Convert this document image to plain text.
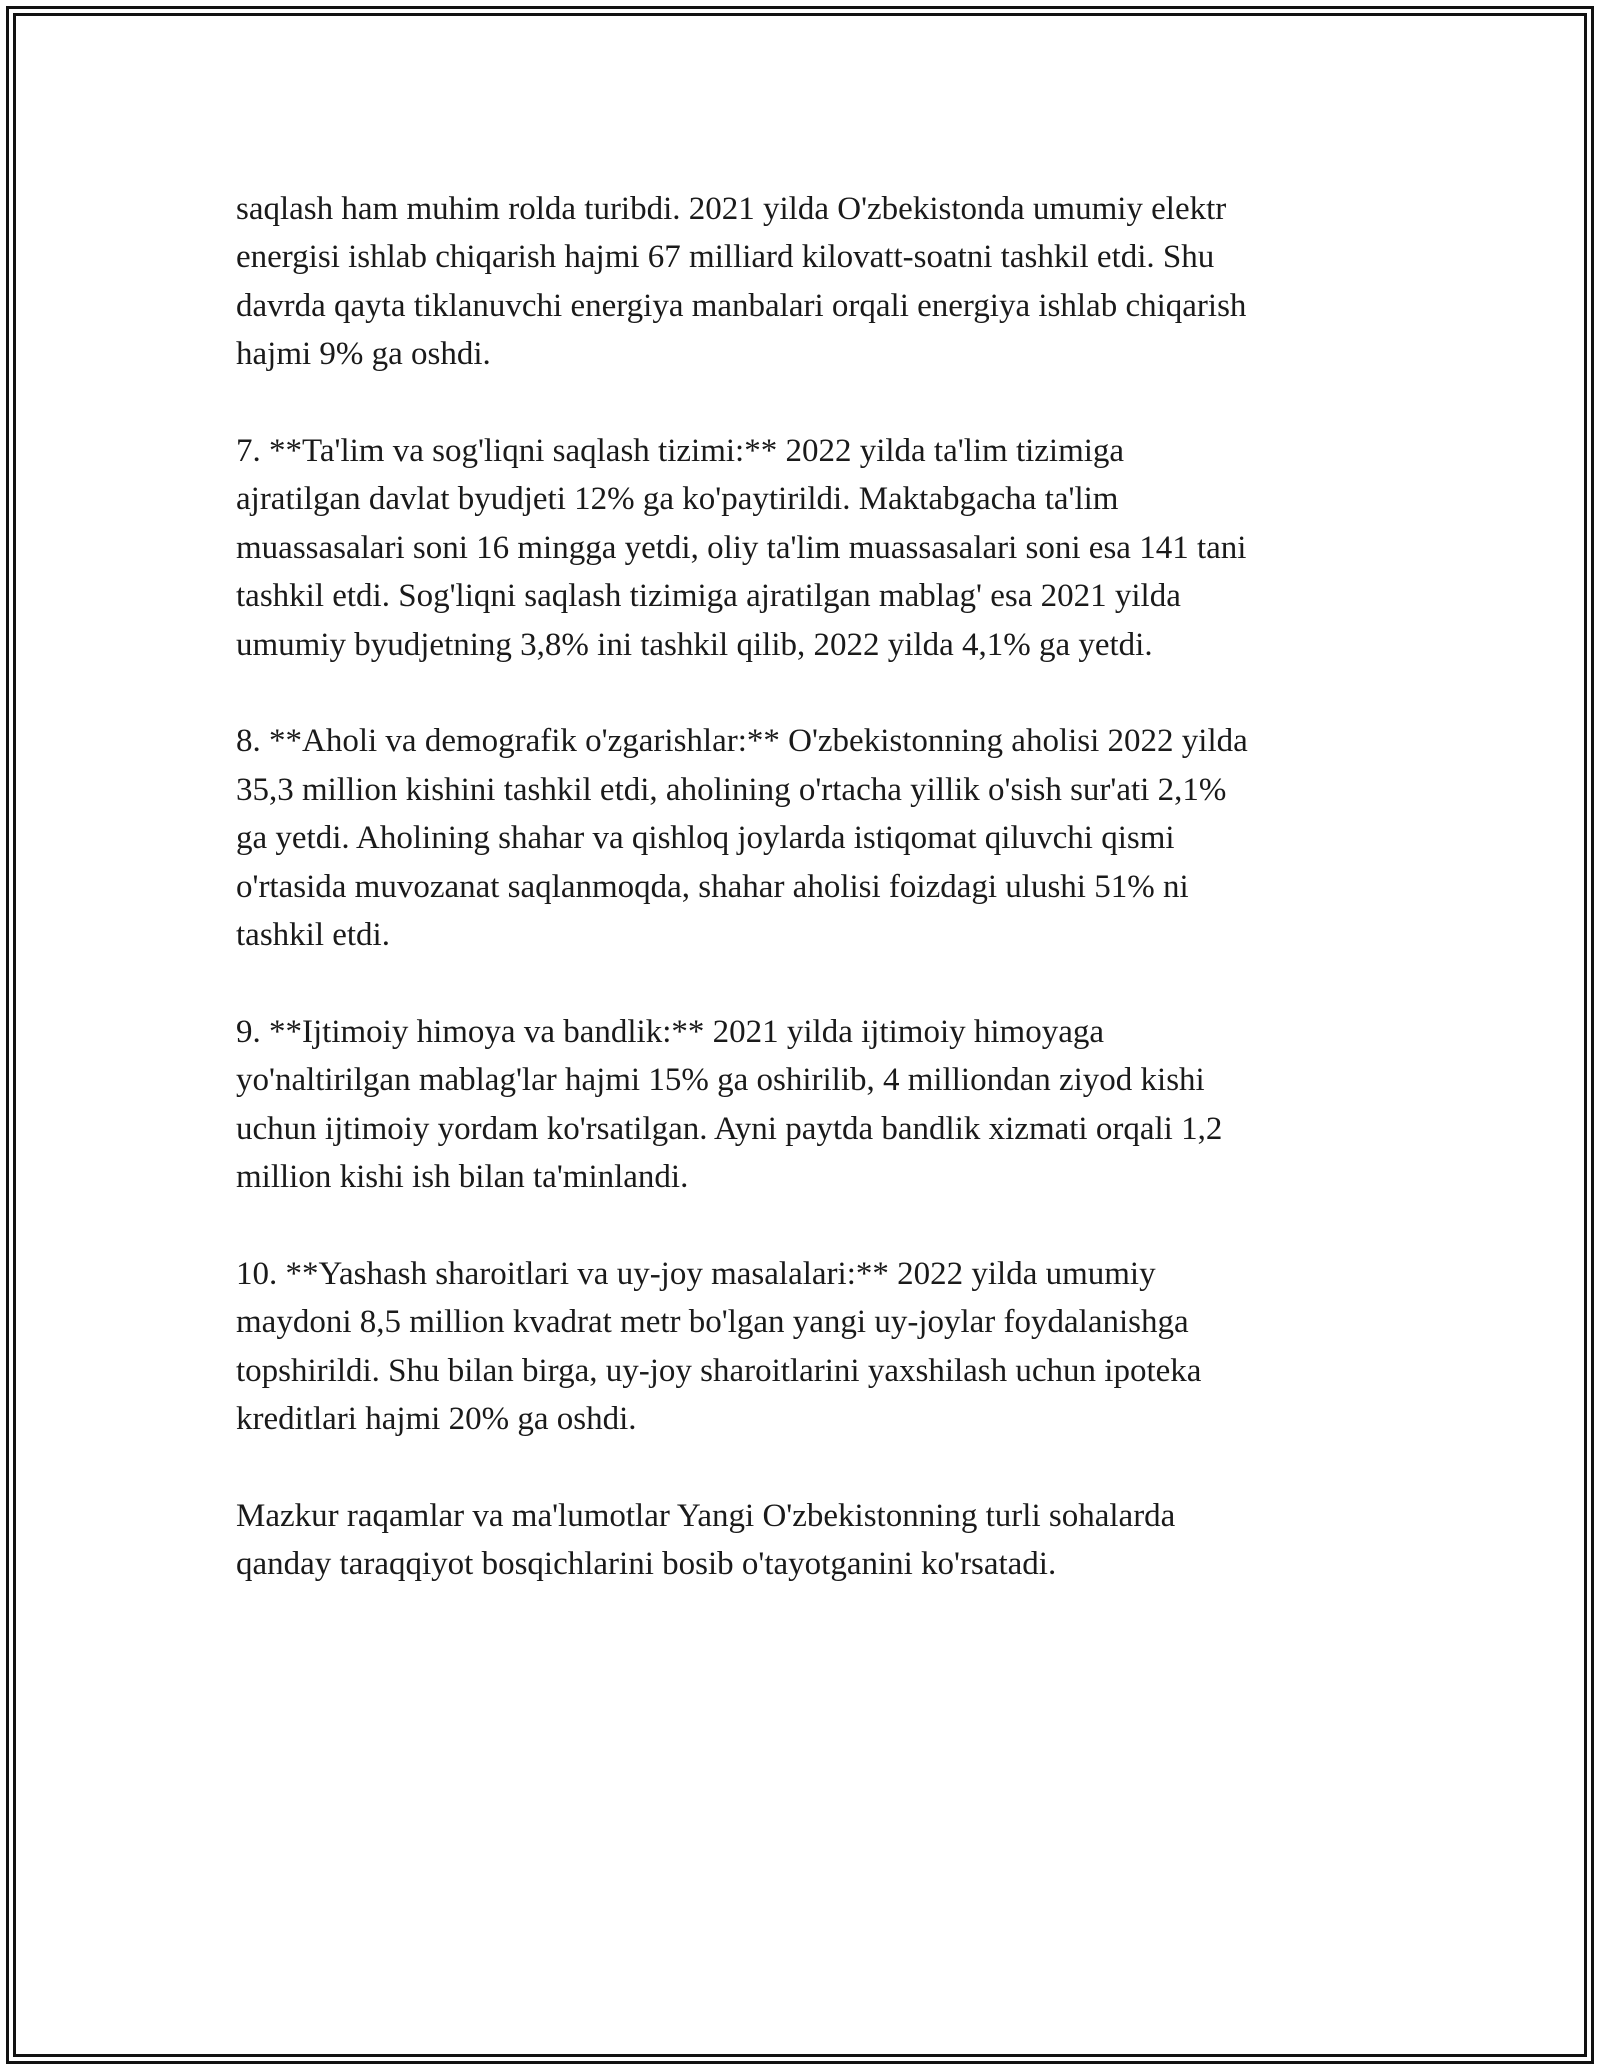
saqlash ham muhim rolda turibdi. 2021 yilda O'zbekistonda umumiy elektr
energisi ishlab chiqarish hajmi 67 milliard kilovatt-soatni tashkil etdi. Shu
davrda qayta tiklanuvchi energiya manbalari orqali energiya ishlab chiqarish
hajmi 9% ga oshdi.

7. **Ta'lim va sog'liqni saqlash tizimi:** 2022 yilda ta'lim tizimiga
ajratilgan davlat byudjeti 12% ga ko'paytirildi. Maktabgacha ta'lim
muassasalari soni 16 mingga yetdi, oliy ta'lim muassasalari soni esa 141 tani
tashkil etdi. Sog'liqni saqlash tizimiga ajratilgan mablag' esa 2021 yilda
umumiy byudjetning 3,8% ini tashkil qilib, 2022 yilda 4,1% ga yetdi.

8. **Aholi va demografik o'zgarishlar:** O'zbekistonning aholisi 2022 yilda
35,3 million kishini tashkil etdi, aholining o'rtacha yillik o'sish sur'ati 2,1%
ga yetdi. Aholining shahar va qishloq joylarda istiqomat qiluvchi qismi
o'rtasida muvozanat saqlanmoqda, shahar aholisi foizdagi ulushi 51% ni
tashkil etdi.

9. **Ijtimoiy himoya va bandlik:** 2021 yilda ijtimoiy himoyaga
yo'naltirilgan mablag'lar hajmi 15% ga oshirilib, 4 milliondan ziyod kishi
uchun ijtimoiy yordam ko'rsatilgan. Ayni paytda bandlik xizmati orqali 1,2
million kishi ish bilan ta'minlandi.

10. **Yashash sharoitlari va uy-joy masalalari:** 2022 yilda umumiy
maydoni 8,5 million kvadrat metr bo'lgan yangi uy-joylar foydalanishga
topshirildi. Shu bilan birga, uy-joy sharoitlarini yaxshilash uchun ipoteka
kreditlari hajmi 20% ga oshdi.

Mazkur raqamlar va ma'lumotlar Yangi O'zbekistonning turli sohalarda
qanday taraqqiyot bosqichlarini bosib o'tayotganini ko'rsatadi.
